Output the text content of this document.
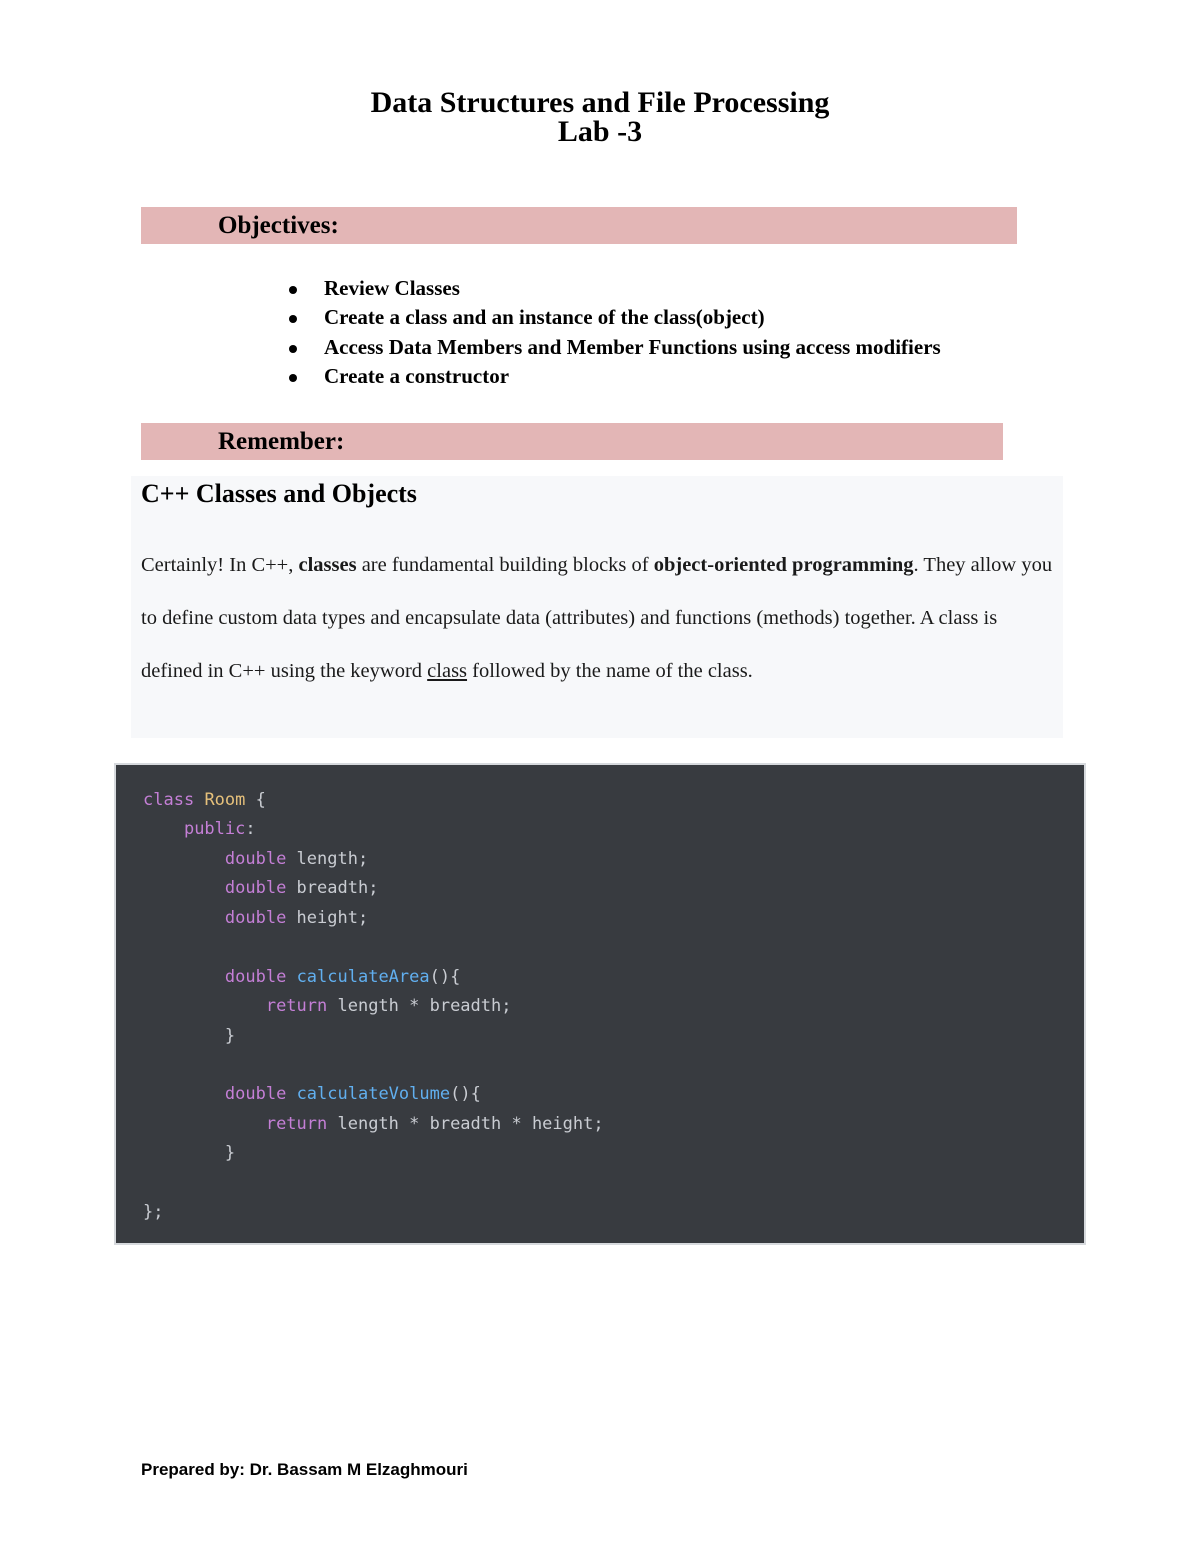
Data Structures and File Processing
Lab -3
Objectives:
Review Classes
Create a class and an instance of the class(object)
Access Data Members and Member Functions using access modifiers
Create a constructor
Remember:
C++ Classes and Objects
Certainly! In C++, classes are fundamental building blocks of object-oriented programming. They allow you to define custom data types and encapsulate data (attributes) and functions (methods) together. A class is defined in C++ using the keyword class followed by the name of the class.
class Room {
public:
double length;
double breadth;
double height;
double calculateArea(){
return length * breadth;
}
double calculateVolume(){
return length * breadth * height;
}
};
Prepared by: Dr. Bassam M Elzaghmouri
